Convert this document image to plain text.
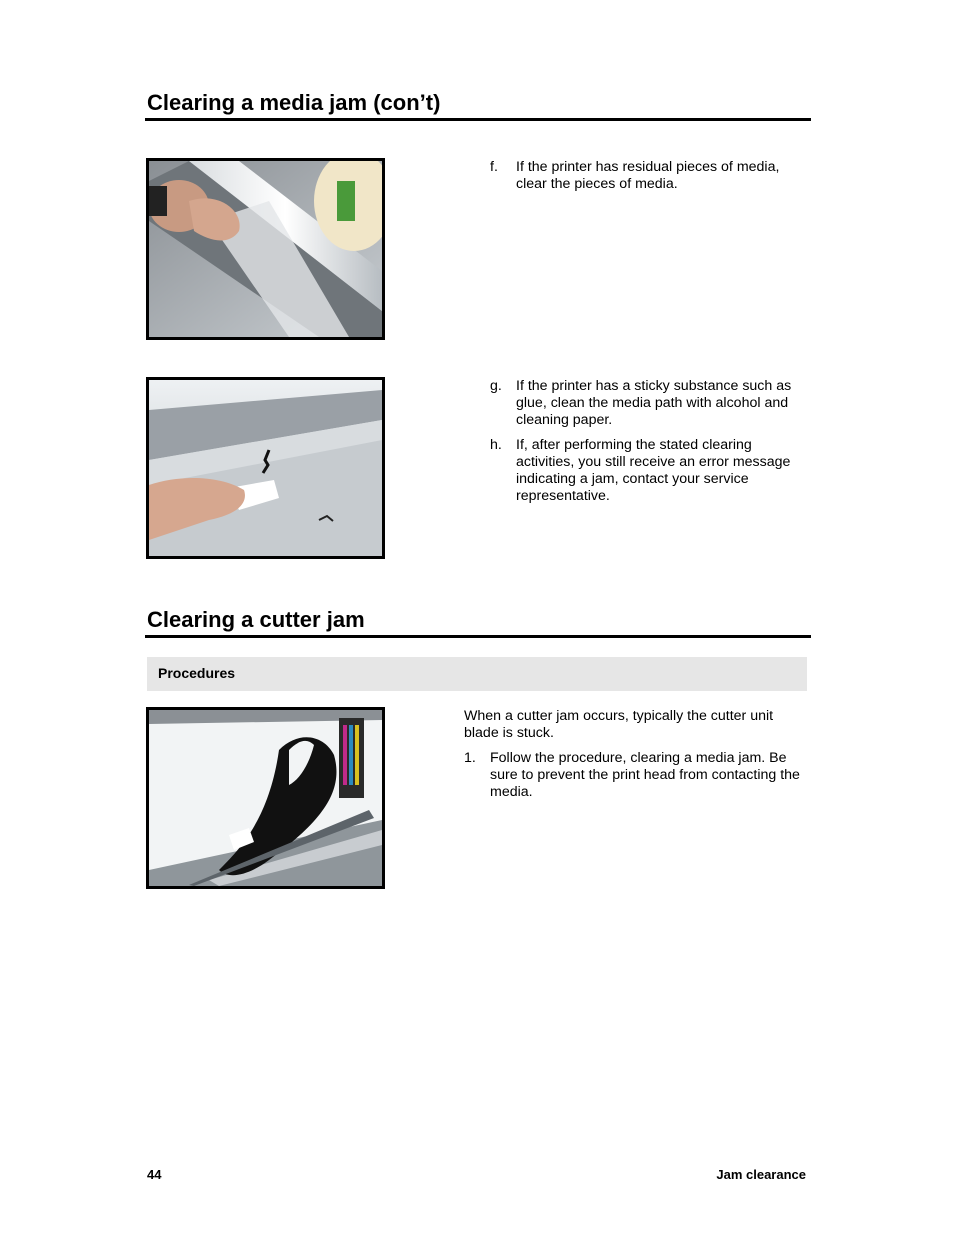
Clearing a media jam (con’t)
f. If the printer has residual pieces of media, clear the pieces of media.
g. If the printer has a sticky substance such as glue, clean the media path with alcohol and cleaning paper.
h. If, after performing the stated clearing activities, you still receive an error message indicating a jam, contact your service representative.
Clearing a cutter jam
Procedures

When a cutter jam occurs, typically the cutter unit blade is stuck.

1. Follow the procedure, clearing a media jam. Be sure to prevent the print head from contacting the media.
44	Jam clearance
